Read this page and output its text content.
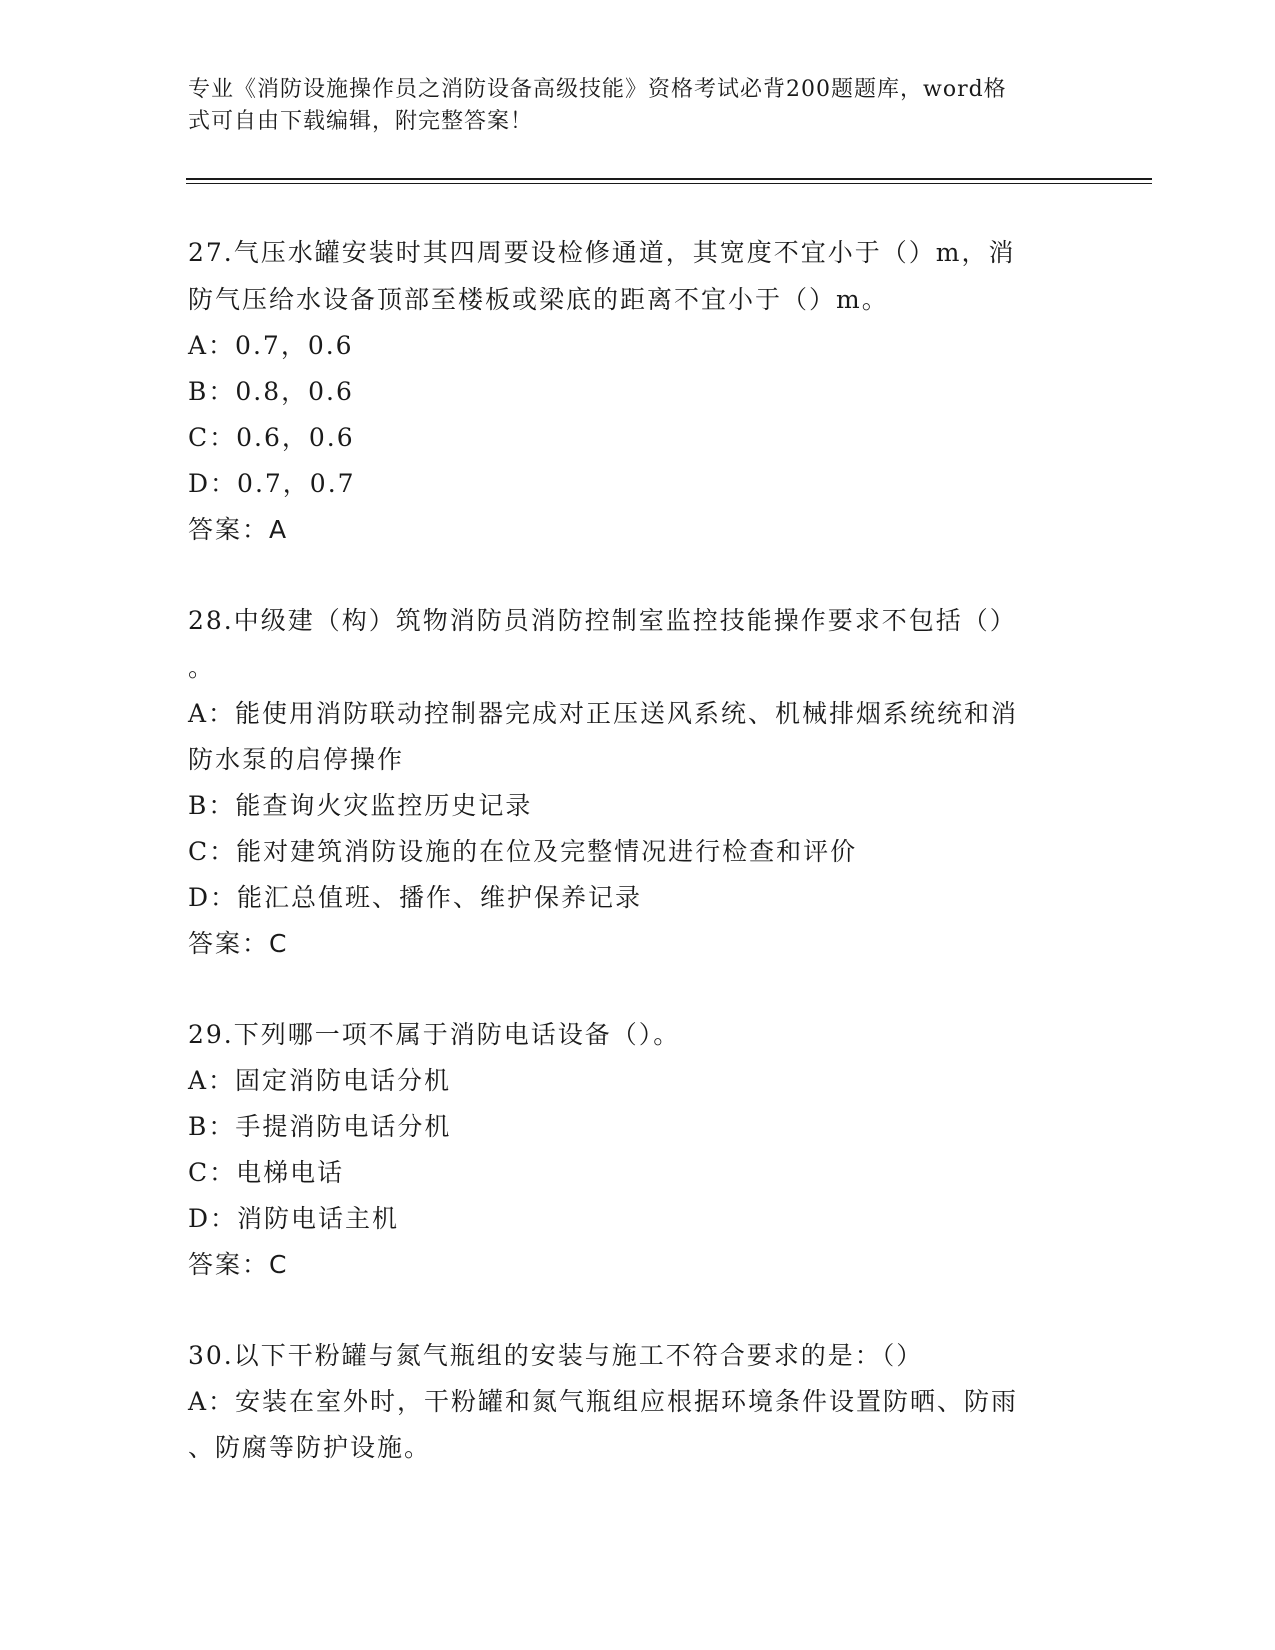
专业《消防设施操作员之消防设备高级技能》资格考试必背200题题库，word格
式可自由下载编辑，附完整答案！
27.气压水罐安装时其四周要设检修通道，其宽度不宜小于（）m，消
防气压给水设备顶部至楼板或梁底的距离不宜小于（）m。
A：0.7，0.6
B：0.8，0.6
C：0.6，0.6
D：0.7，0.7
答案：A
28.中级建（构）筑物消防员消防控制室监控技能操作要求不包括（）
。
A：能使用消防联动控制器完成对正压送风系统、机械排烟系统统和消
防水泵的启停操作
B：能查询火灾监控历史记录
C：能对建筑消防设施的在位及完整情况进行检查和评价
D：能汇总值班、播作、维护保养记录
答案：C
29.下列哪一项不属于消防电话设备（）。
A：固定消防电话分机
B：手提消防电话分机
C：电梯电话
D：消防电话主机
答案：C
30.以下干粉罐与氮气瓶组的安装与施工不符合要求的是：（）
A：安装在室外时，干粉罐和氮气瓶组应根据环境条件设置防晒、防雨
、防腐等防护设施。
